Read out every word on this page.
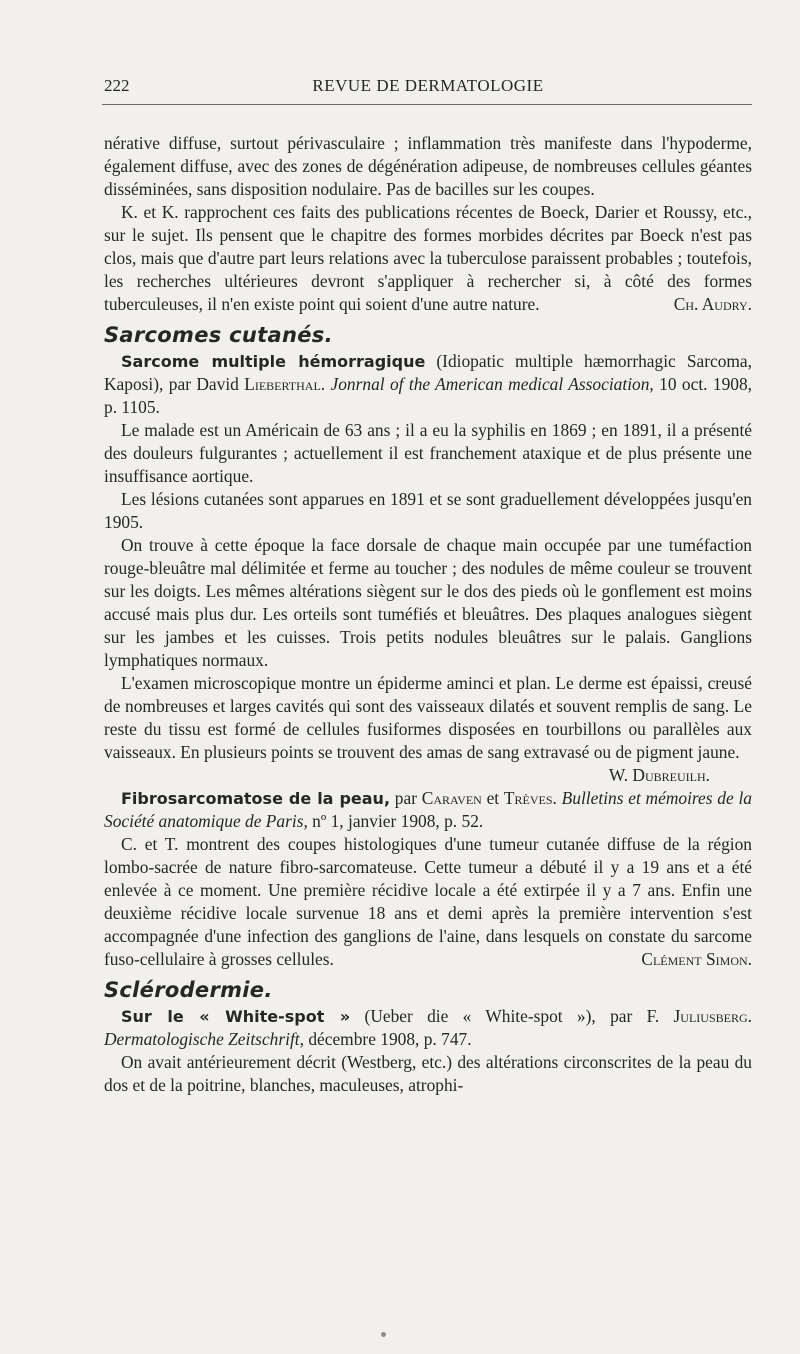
222	REVUE DE DERMATOLOGIE

nérative diffuse, surtout périvasculaire ; inflammation très manifeste dans l'hypoderme, également diffuse, avec des zones de dégénération adipeuse, de nombreuses cellules géantes disséminées, sans disposition nodulaire. Pas de bacilles sur les coupes.

K. et K. rapprochent ces faits des publications récentes de Boeck, Darier et Roussy, etc., sur le sujet. Ils pensent que le chapitre des formes morbides décrites par Boeck n'est pas clos, mais que d'autre part leurs relations avec la tuberculose paraissent probables ; toutefois, les recherches ultérieures devront s'appliquer à rechercher si, à côté des formes tuberculeuses, il n'en existe point qui soient d'une autre nature.	Ch. Audry.

Sarcomes cutanés.

Sarcome multiple hémorragique (Idiopatic multiple hæmorrhagic Sarcoma, Kaposi), par David Lieberthal. Jonrnal of the American medical Association, 10 oct. 1908, p. 1105.

Le malade est un Américain de 63 ans ; il a eu la syphilis en 1869 ; en 1891, il a présenté des douleurs fulgurantes ; actuellement il est franchement ataxique et de plus présente une insuffisance aortique.

Les lésions cutanées sont apparues en 1891 et se sont graduellement développées jusqu'en 1905.

On trouve à cette époque la face dorsale de chaque main occupée par une tuméfaction rouge-bleuâtre mal délimitée et ferme au toucher ; des nodules de même couleur se trouvent sur les doigts. Les mêmes altérations siègent sur le dos des pieds où le gonflement est moins accusé mais plus dur. Les orteils sont tuméfiés et bleuâtres. Des plaques analogues siègent sur les jambes et les cuisses. Trois petits nodules bleuâtres sur le palais. Ganglions lymphatiques normaux.

L'examen microscopique montre un épiderme aminci et plan. Le derme est épaissi, creusé de nombreuses et larges cavités qui sont des vaisseaux dilatés et souvent remplis de sang. Le reste du tissu est formé de cellules fusiformes disposées en tourbillons ou parallèles aux vaisseaux. En plusieurs points se trouvent des amas de sang extravasé ou de pigment jaune.

W. Dubreuilh.

Fibrosarcomatose de la peau, par Caraven et Trèves. Bulletins et mémoires de la Société anatomique de Paris, nº 1, janvier 1908, p. 52.

C. et T. montrent des coupes histologiques d'une tumeur cutanée diffuse de la région lombo-sacrée de nature fibro-sarcomateuse. Cette tumeur a débuté il y a 19 ans et a été enlevée à ce moment. Une première récidive locale a été extirpée il y a 7 ans. Enfin une deuxième récidive locale survenue 18 ans et demi après la première intervention s'est accompagnée d'une infection des ganglions de l'aine, dans lesquels on constate du sarcome fuso-cellulaire à grosses cellules.	Clément Simon.

Sclérodermie.

Sur le « White-spot » (Ueber die « White-spot »), par F. Juliusberg. Dermatologische Zeitschrift, décembre 1908, p. 747.

On avait antérieurement décrit (Westberg, etc.) des altérations circonscrites de la peau du dos et de la poitrine, blanches, maculeuses, atrophi-
